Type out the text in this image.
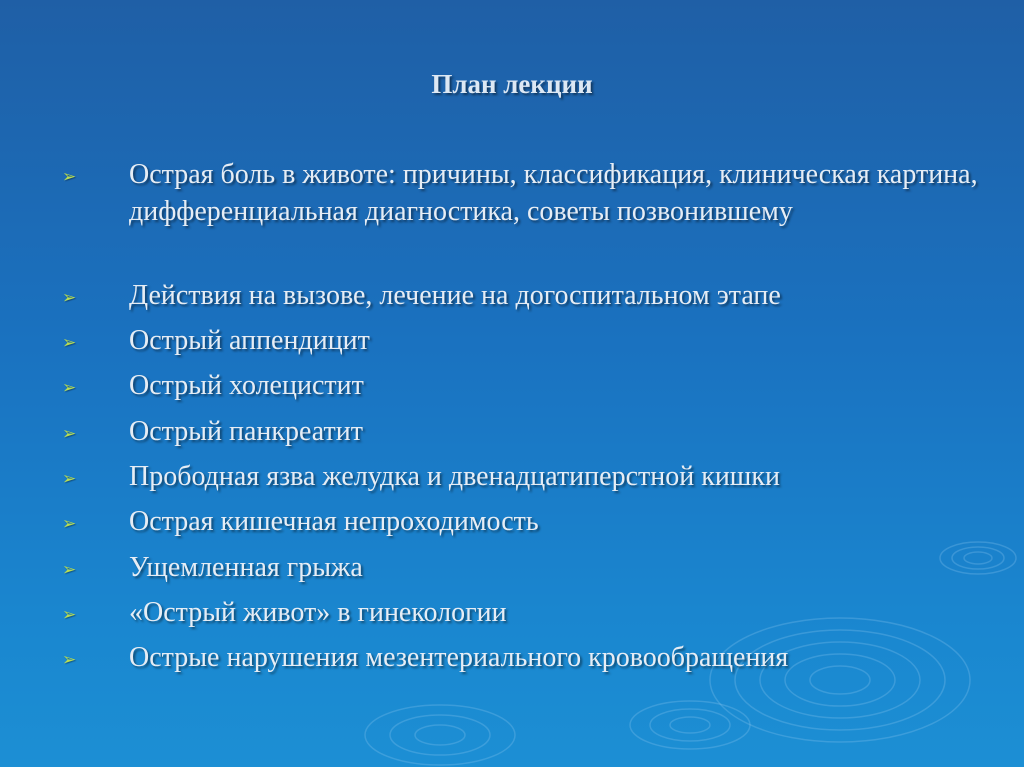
План лекции
➢ Острая боль в животе: причины, классификация, клиническая картина, дифференциальная диагностика, советы позвонившему
➢ Действия на вызове, лечение на догоспитальном этапе
➢ Острый аппендицит
➢ Острый холецистит
➢ Острый панкреатит
➢ Прободная язва желудка и двенадцатиперстной кишки
➢ Острая кишечная непроходимость
➢ Ущемленная грыжа
➢ «Острый живот» в гинекологии
➢ Острые нарушения мезентериального кровообращения
